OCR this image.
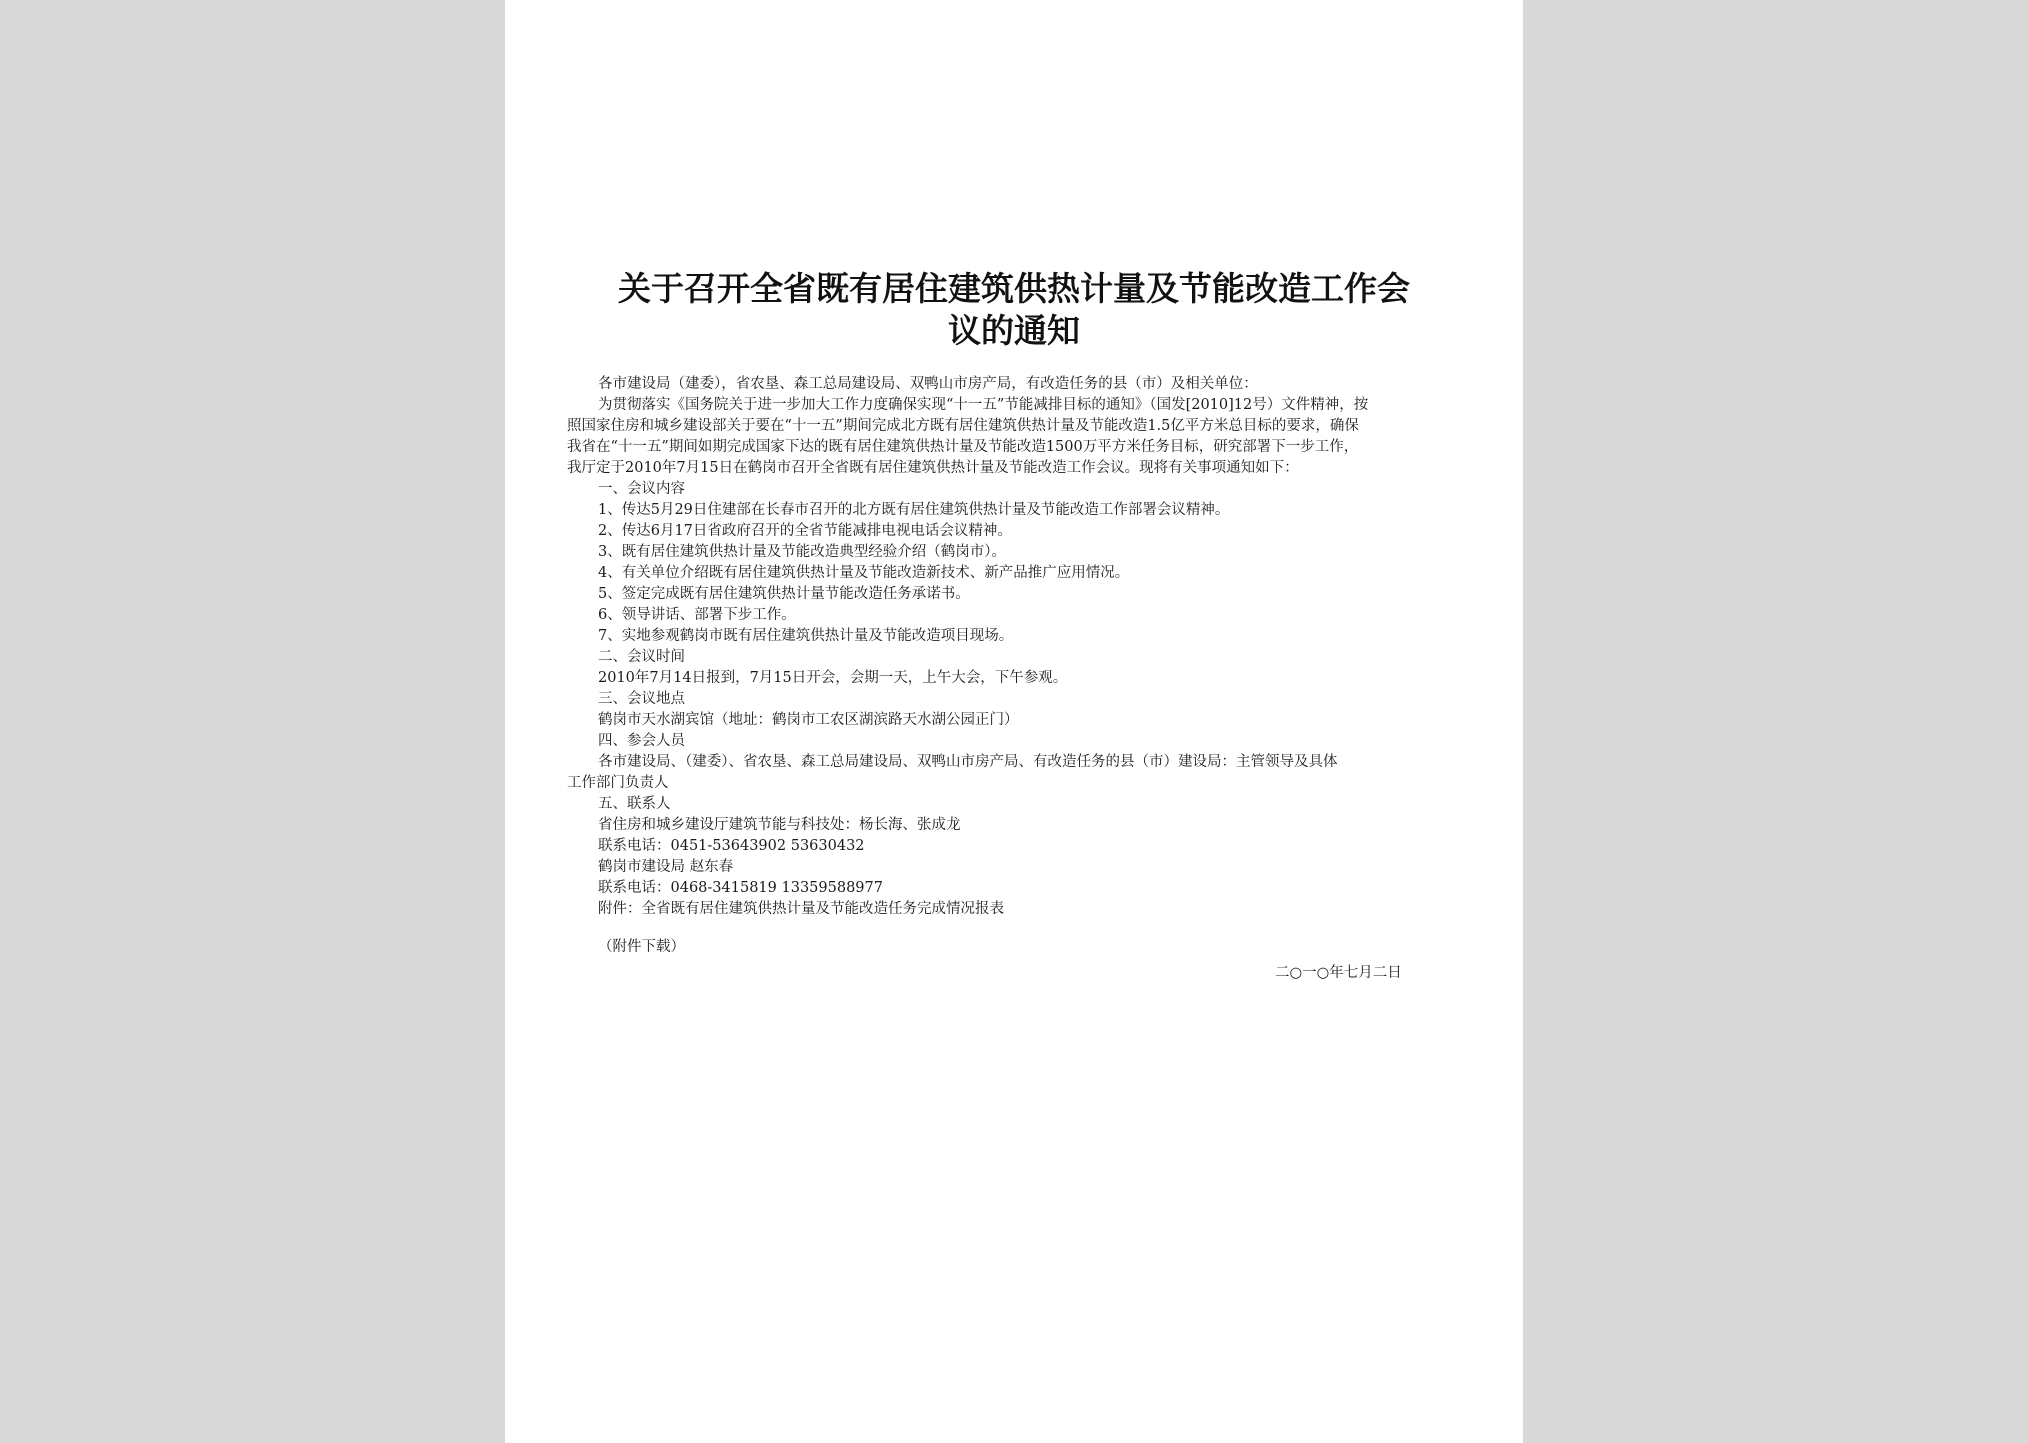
关于召开全省既有居住建筑供热计量及节能改造工作会
议的通知
各市建设局（建委），省农垦、森工总局建设局、双鸭山市房产局，有改造任务的县（市）及相关单位：
为贯彻落实《国务院关于进一步加大工作力度确保实现“十一五”节能减排目标的通知》（国发[2010]12号）文件精神，按
照国家住房和城乡建设部关于要在“十一五”期间完成北方既有居住建筑供热计量及节能改造1.5亿平方米总目标的要求，确保
我省在“十一五”期间如期完成国家下达的既有居住建筑供热计量及节能改造1500万平方米任务目标，研究部署下一步工作，
我厅定于2010年7月15日在鹤岗市召开全省既有居住建筑供热计量及节能改造工作会议。现将有关事项通知如下：
一、会议内容
1、传达5月29日住建部在长春市召开的北方既有居住建筑供热计量及节能改造工作部署会议精神。
2、传达6月17日省政府召开的全省节能减排电视电话会议精神。
3、既有居住建筑供热计量及节能改造典型经验介绍（鹤岗市）。
4、有关单位介绍既有居住建筑供热计量及节能改造新技术、新产品推广应用情况。
5、签定完成既有居住建筑供热计量节能改造任务承诺书。
6、领导讲话、部署下步工作。
7、实地参观鹤岗市既有居住建筑供热计量及节能改造项目现场。
二、会议时间
2010年7月14日报到，7月15日开会，会期一天，上午大会，下午参观。
三、会议地点
鹤岗市天水湖宾馆（地址：鹤岗市工农区湖滨路天水湖公园正门）
四、参会人员
各市建设局、（建委）、省农垦、森工总局建设局、双鸭山市房产局、有改造任务的县（市）建设局：主管领导及具体
工作部门负责人
五、联系人
省住房和城乡建设厅建筑节能与科技处：杨长海、张成龙
联系电话：0451-53643902 53630432
鹤岗市建设局 赵东春
联系电话：0468-3415819 13359588977
附件：全省既有居住建筑供热计量及节能改造任务完成情况报表
（附件下载）
二○一○年七月二日
